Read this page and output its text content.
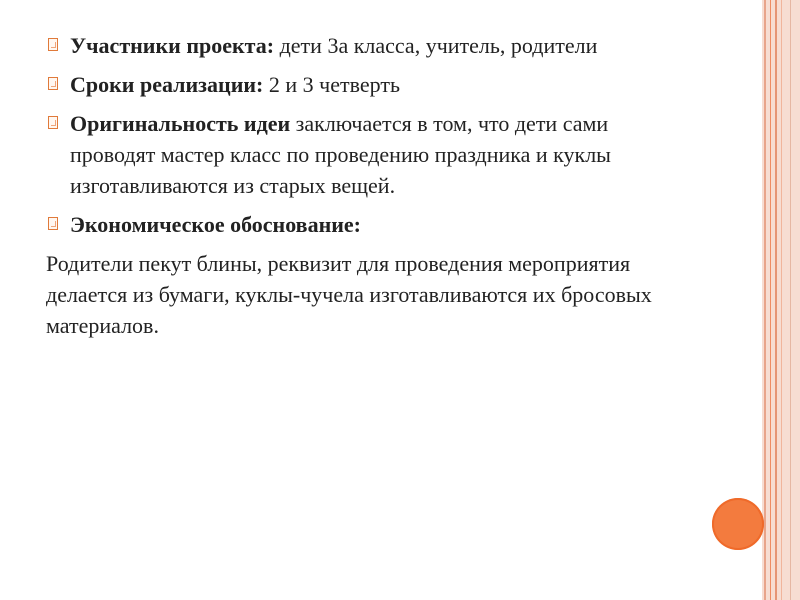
Участники проекта: дети 3а класса, учитель, родители
Сроки реализации: 2 и 3 четверть
Оригинальность идеи заключается в том, что дети сами проводят мастер класс по проведению праздника и куклы изготавливаются из старых вещей.
Экономическое обоснование:
Родители пекут блины, реквизит для проведения мероприятия делается из бумаги, куклы-чучела изготавливаются их бросовых материалов.
